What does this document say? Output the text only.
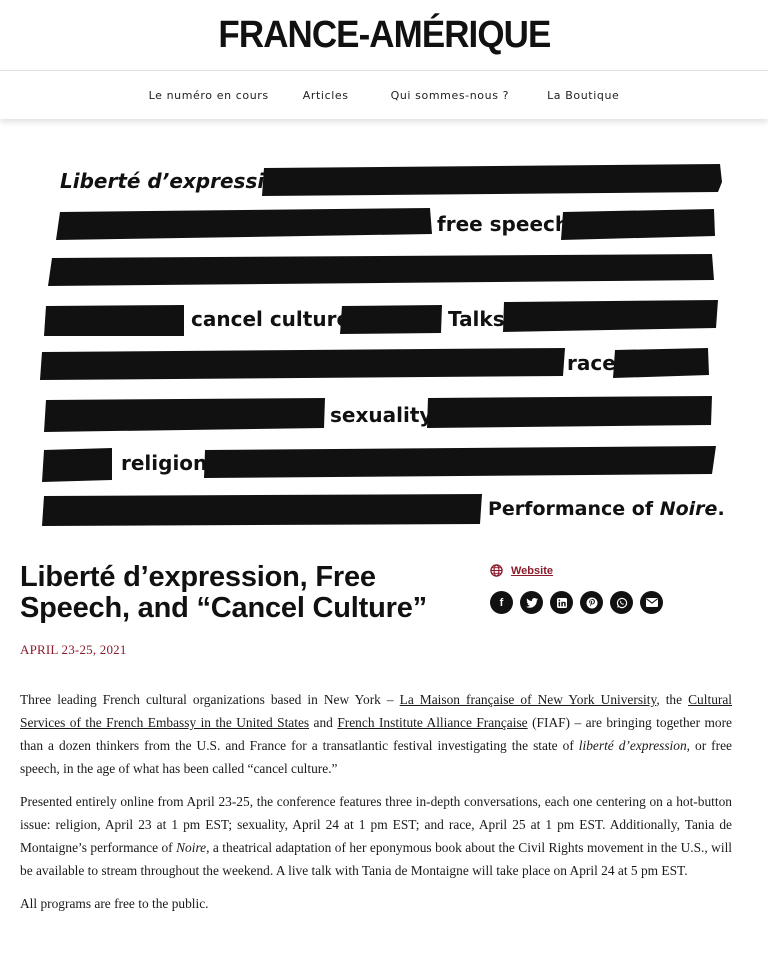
FRANCE-AMÉRIQUE
Le numéro en cours	Articles	Qui sommes-nous ?	La Boutique
Liberté d’expression
free speech
cancel culture	Talks
race
sexuality
religion
Performance of Noire.
Liberté d’expression, Free Speech, and “Cancel Culture”
Website
f
APRIL 23-25, 2021

Three leading French cultural organizations based in New York – La Maison française of New York University, the Cultural Services of the French Embassy in the United States and French Institute Alliance Française (FIAF) – are bringing together more than a dozen thinkers from the U.S. and France for a transatlantic festival investigating the state of liberté d’expression, or free speech, in the age of what has been called “cancel culture.”

Presented entirely online from April 23-25, the conference features three in-depth conversations, each one centering on a hot-button issue: religion, April 23 at 1 pm EST; sexuality, April 24 at 1 pm EST; and race, April 25 at 1 pm EST. Additionally, Tania de Montaigne’s performance of Noire, a theatrical adaptation of her eponymous book about the Civil Rights movement in the U.S., will be available to stream throughout the weekend. A live talk with Tania de Montaigne will take place on April 24 at 5 pm EST.

All programs are free to the public.
